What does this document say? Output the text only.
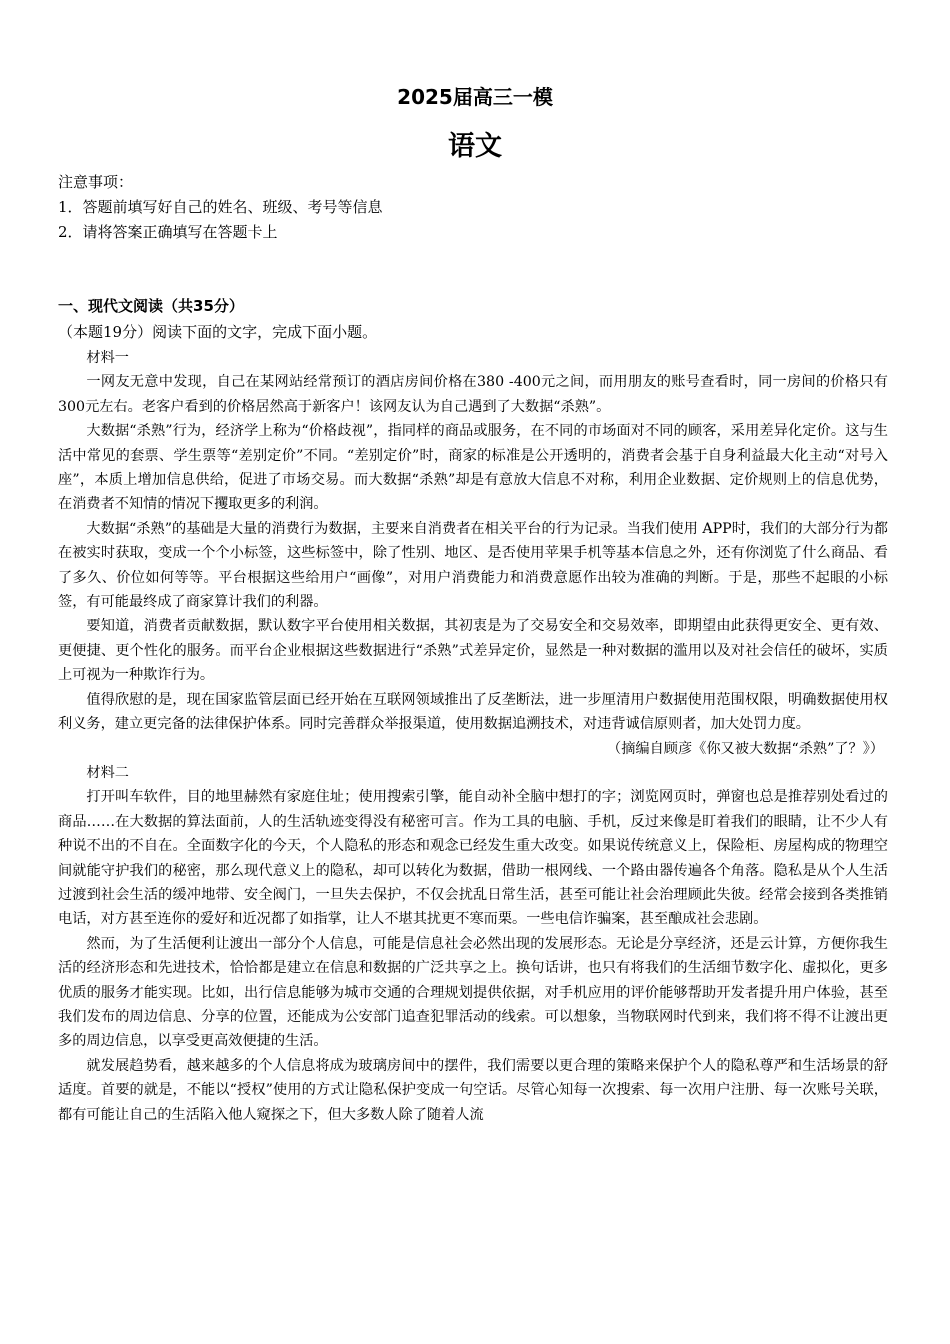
2025届高三一模
语文
注意事项：
1．答题前填写好自己的姓名、班级、考号等信息
2．请将答案正确填写在答题卡上
一、现代文阅读（共35分）
（本题19分）阅读下面的文字，完成下面小题。

材料一

一网友无意中发现，自己在某网站经常预订的酒店房间价格在380 -400元之间，而用朋友的账号查看时，同一房间的价格只有300元左右。老客户看到的价格居然高于新客户！该网友认为自己遇到了大数据“杀熟”。

大数据“杀熟”行为，经济学上称为“价格歧视”，指同样的商品或服务，在不同的市场面对不同的顾客，采用差异化定价。这与生活中常见的套票、学生票等“差别定价”不同。“差别定价”时，商家的标准是公开透明的，消费者会基于自身利益最大化主动“对号入座”，本质上增加信息供给，促进了市场交易。而大数据“杀熟”却是有意放大信息不对称，利用企业数据、定价规则上的信息优势，在消费者不知情的情况下攫取更多的利润。

大数据“杀熟”的基础是大量的消费行为数据，主要来自消费者在相关平台的行为记录。当我们使用 APP时，我们的大部分行为都在被实时获取，变成一个个小标签，这些标签中，除了性别、地区、是否使用苹果手机等基本信息之外，还有你浏览了什么商品、看了多久、价位如何等等。平台根据这些给用户“画像”，对用户消费能力和消费意愿作出较为准确的判断。于是，那些不起眼的小标签，有可能最终成了商家算计我们的利器。

要知道，消费者贡献数据，默认数字平台使用相关数据，其初衷是为了交易安全和交易效率，即期望由此获得更安全、更有效、更便捷、更个性化的服务。而平台企业根据这些数据进行“杀熟”式差异定价，显然是一种对数据的滥用以及对社会信任的破坏，实质上可视为一种欺诈行为。

值得欣慰的是，现在国家监管层面已经开始在互联网领域推出了反垄断法，进一步厘清用户数据使用范围权限，明确数据使用权利义务，建立更完备的法律保护体系。同时完善群众举报渠道，使用数据追溯技术，对违背诚信原则者，加大处罚力度。

（摘编自顾彦《你又被大数据“杀熟”了？》）

材料二

打开叫车软件，目的地里赫然有家庭住址；使用搜索引擎，能自动补全脑中想打的字；浏览网页时，弹窗也总是推荐别处看过的商品……在大数据的算法面前，人的生活轨迹变得没有秘密可言。作为工具的电脑、手机，反过来像是盯着我们的眼睛，让不少人有种说不出的不自在。全面数字化的今天，个人隐私的形态和观念已经发生重大改变。如果说传统意义上，保险柜、房屋构成的物理空间就能守护我们的秘密，那么现代意义上的隐私，却可以转化为数据，借助一根网线、一个路由器传遍各个角落。隐私是从个人生活过渡到社会生活的缓冲地带、安全阀门，一旦失去保护，不仅会扰乱日常生活，甚至可能让社会治理顾此失彼。经常会接到各类推销电话，对方甚至连你的爱好和近况都了如指掌，让人不堪其扰更不寒而栗。一些电信诈骗案，甚至酿成社会悲剧。

然而，为了生活便利让渡出一部分个人信息，可能是信息社会必然出现的发展形态。无论是分享经济，还是云计算，方便你我生活的经济形态和先进技术，恰恰都是建立在信息和数据的广泛共享之上。换句话讲，也只有将我们的生活细节数字化、虚拟化，更多优质的服务才能实现。比如，出行信息能够为城市交通的合理规划提供依据，对手机应用的评价能够帮助开发者提升用户体验，甚至我们发布的周边信息、分享的位置，还能成为公安部门追查犯罪活动的线索。可以想象，当物联网时代到来，我们将不得不让渡出更多的周边信息，以享受更高效便捷的生活。

就发展趋势看，越来越多的个人信息将成为玻璃房间中的摆件，我们需要以更合理的策略来保护个人的隐私尊严和生活场景的舒适度。首要的就是，不能以“授权”使用的方式让隐私保护变成一句空话。尽管心知每一次搜索、每一次用户注册、每一次账号关联，都有可能让自己的生活陷入他人窥探之下，但大多数人除了随着人流
